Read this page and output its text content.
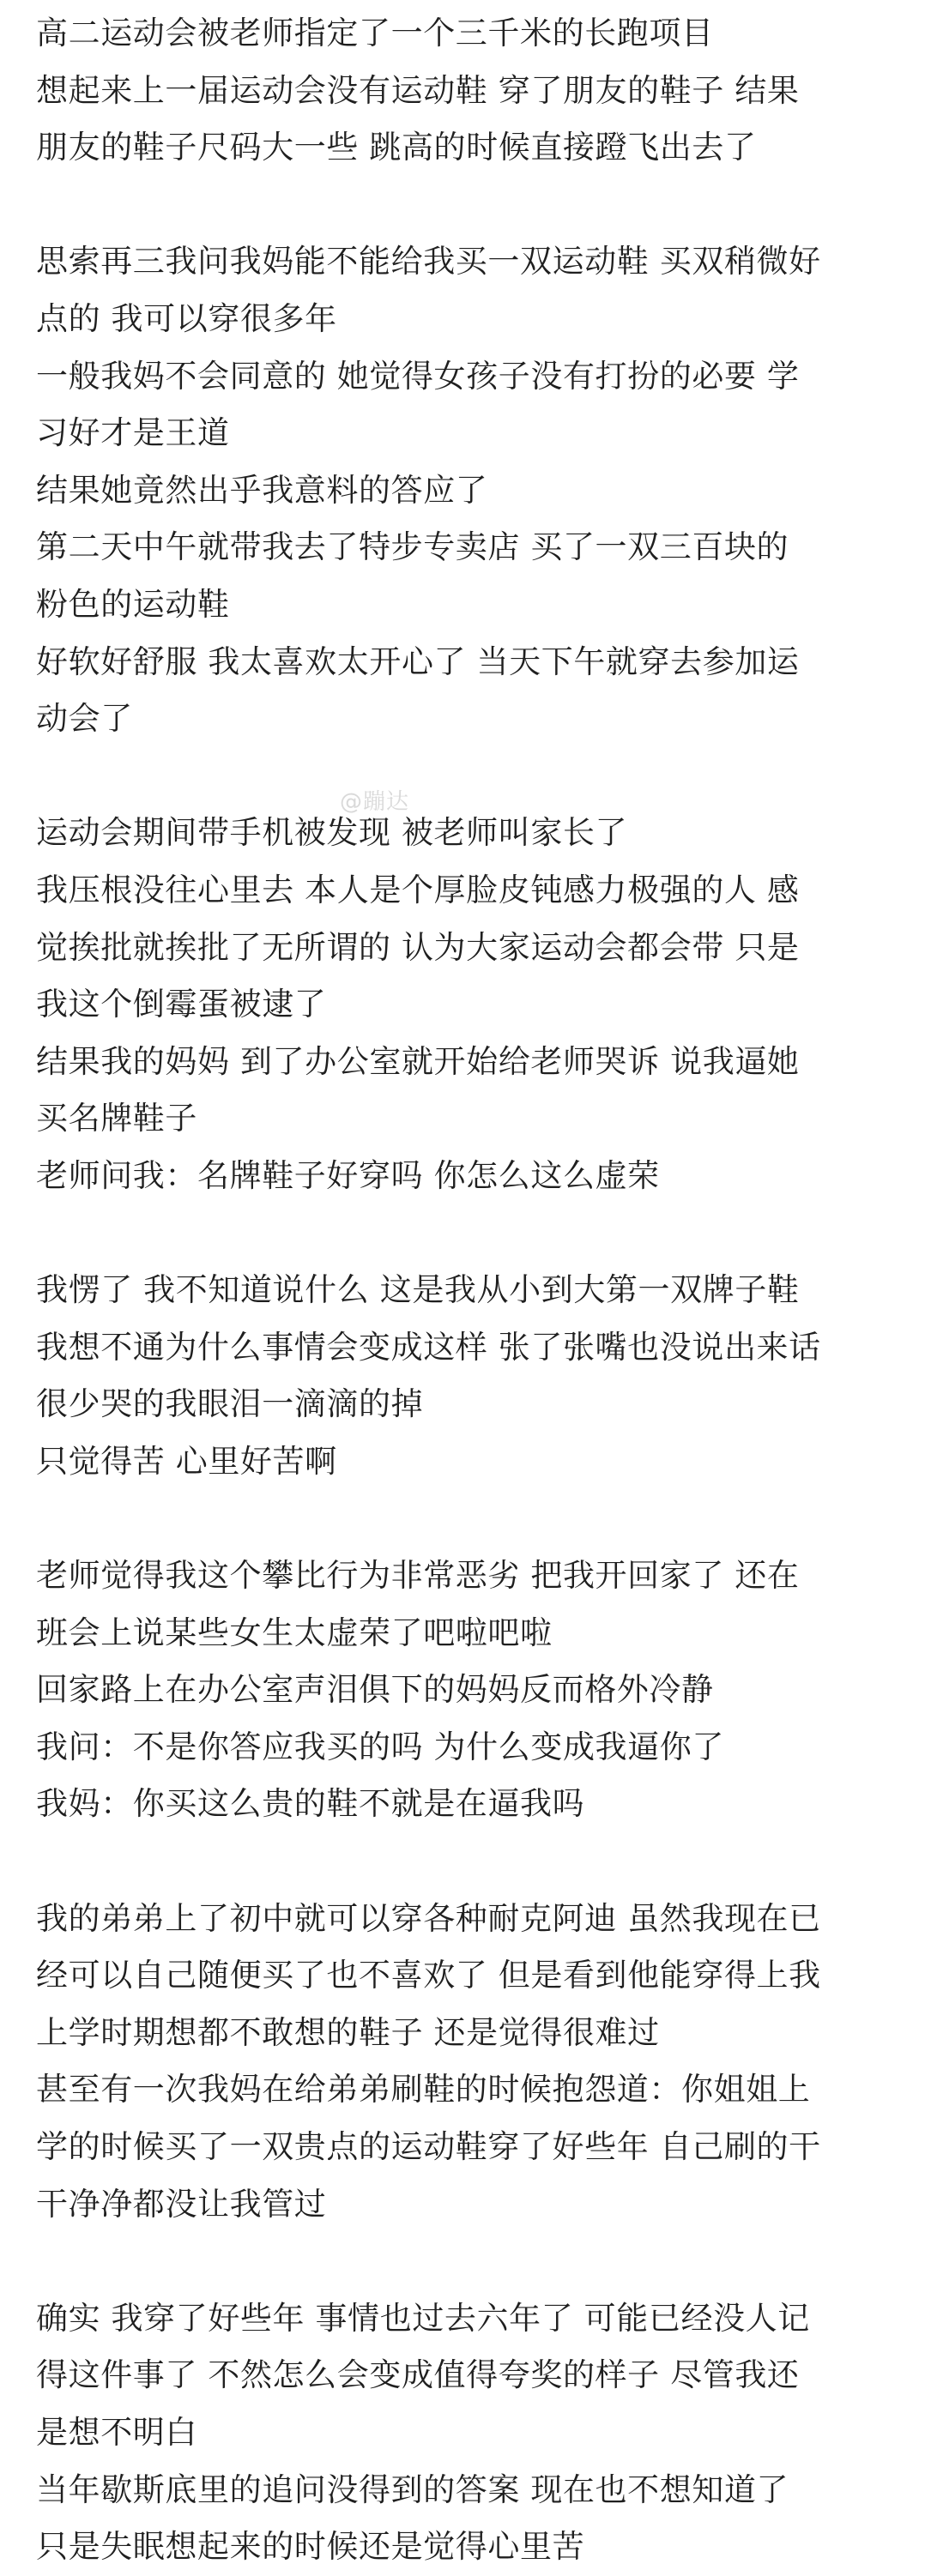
高二运动会被老师指定了一个三千米的长跑项目
想起来上一届运动会没有运动鞋 穿了朋友的鞋子 结果
朋友的鞋子尺码大一些 跳高的时候直接蹬飞出去了
思索再三我问我妈能不能给我买一双运动鞋 买双稍微好
点的 我可以穿很多年
一般我妈不会同意的 她觉得女孩子没有打扮的必要 学
习好才是王道
结果她竟然出乎我意料的答应了
第二天中午就带我去了特步专卖店 买了一双三百块的
粉色的运动鞋
好软好舒服 我太喜欢太开心了 当天下午就穿去参加运
动会了
运动会期间带手机被发现 被老师叫家长了
我压根没往心里去 本人是个厚脸皮钝感力极强的人 感
觉挨批就挨批了无所谓的 认为大家运动会都会带 只是
我这个倒霉蛋被逮了
结果我的妈妈 到了办公室就开始给老师哭诉 说我逼她
买名牌鞋子
老师问我：名牌鞋子好穿吗 你怎么这么虚荣
我愣了 我不知道说什么 这是我从小到大第一双牌子鞋
我想不通为什么事情会变成这样 张了张嘴也没说出来话
很少哭的我眼泪一滴滴的掉
只觉得苦 心里好苦啊
老师觉得我这个攀比行为非常恶劣 把我开回家了 还在
班会上说某些女生太虚荣了吧啦吧啦
回家路上在办公室声泪俱下的妈妈反而格外冷静
我问：不是你答应我买的吗 为什么变成我逼你了
我妈：你买这么贵的鞋不就是在逼我吗
我的弟弟上了初中就可以穿各种耐克阿迪 虽然我现在已
经可以自己随便买了也不喜欢了 但是看到他能穿得上我
上学时期想都不敢想的鞋子 还是觉得很难过
甚至有一次我妈在给弟弟刷鞋的时候抱怨道：你姐姐上
学的时候买了一双贵点的运动鞋穿了好些年 自己刷的干
干净净都没让我管过
确实 我穿了好些年 事情也过去六年了 可能已经没人记
得这件事了 不然怎么会变成值得夸奖的样子 尽管我还
是想不明白
当年歇斯底里的追问没得到的答案 现在也不想知道了
只是失眠想起来的时候还是觉得心里苦
@蹦达
